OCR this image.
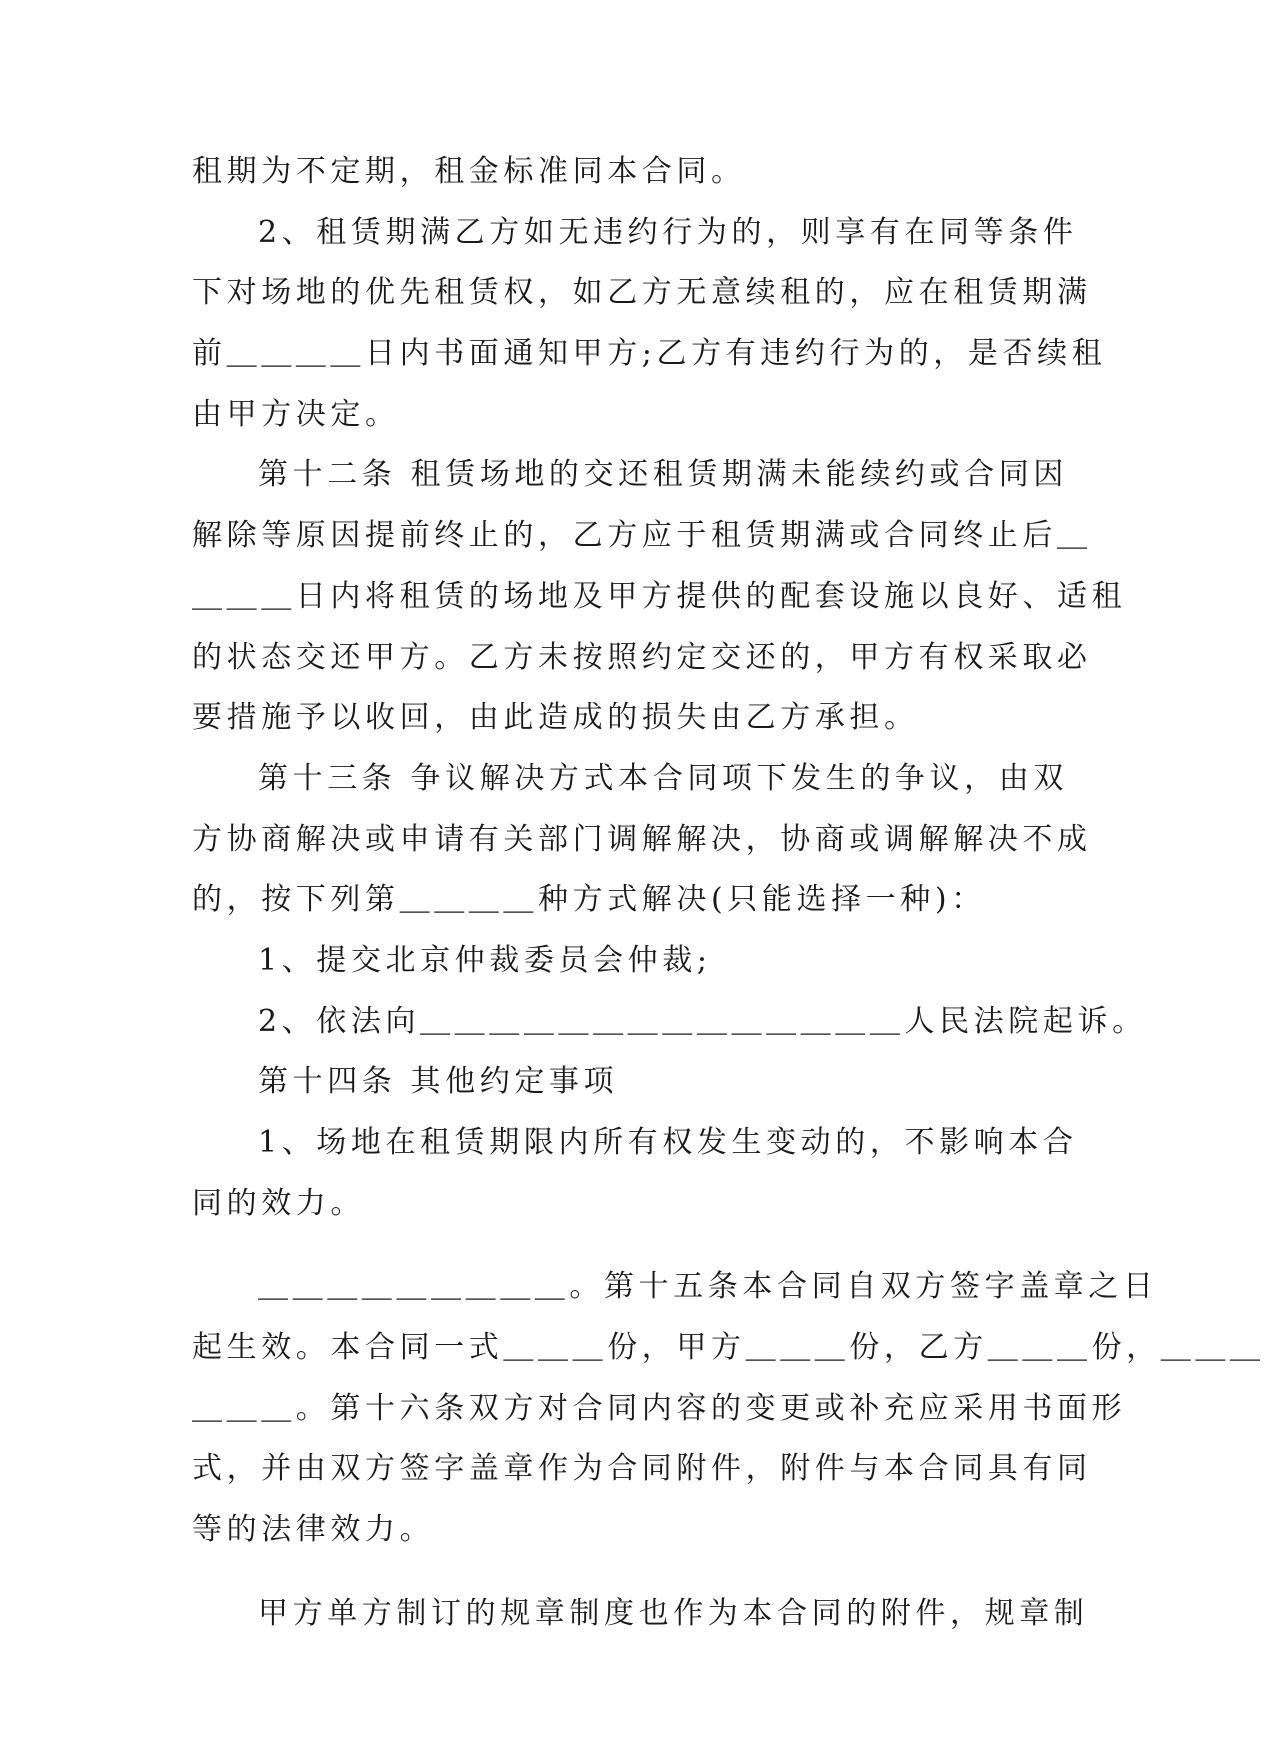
租期为不定期，租金标准同本合同。
2、租赁期满乙方如无违约行为的，则享有在同等条件
下对场地的优先租赁权，如乙方无意续租的，应在租赁期满
前＿＿＿＿日内书面通知甲方;乙方有违约行为的，是否续租
由甲方决定。
第十二条 租赁场地的交还租赁期满未能续约或合同因
解除等原因提前终止的，乙方应于租赁期满或合同终止后＿
＿＿＿日内将租赁的场地及甲方提供的配套设施以良好、适租
的状态交还甲方。乙方未按照约定交还的，甲方有权采取必
要措施予以收回，由此造成的损失由乙方承担。
第十三条 争议解决方式本合同项下发生的争议，由双
方协商解决或申请有关部门调解解决，协商或调解解决不成
的，按下列第＿＿＿＿种方式解决(只能选择一种)：
1、提交北京仲裁委员会仲裁;
2、依法向＿＿＿＿＿＿＿＿＿＿＿＿＿＿人民法院起诉。
第十四条 其他约定事项
1、场地在租赁期限内所有权发生变动的，不影响本合
同的效力。
＿＿＿＿＿＿＿＿＿。第十五条本合同自双方签字盖章之日
起生效。本合同一式＿＿＿份，甲方＿＿＿份，乙方＿＿＿份，＿＿＿
＿＿＿。第十六条双方对合同内容的变更或补充应采用书面形
式，并由双方签字盖章作为合同附件，附件与本合同具有同
等的法律效力。
甲方单方制订的规章制度也作为本合同的附件，规章制
